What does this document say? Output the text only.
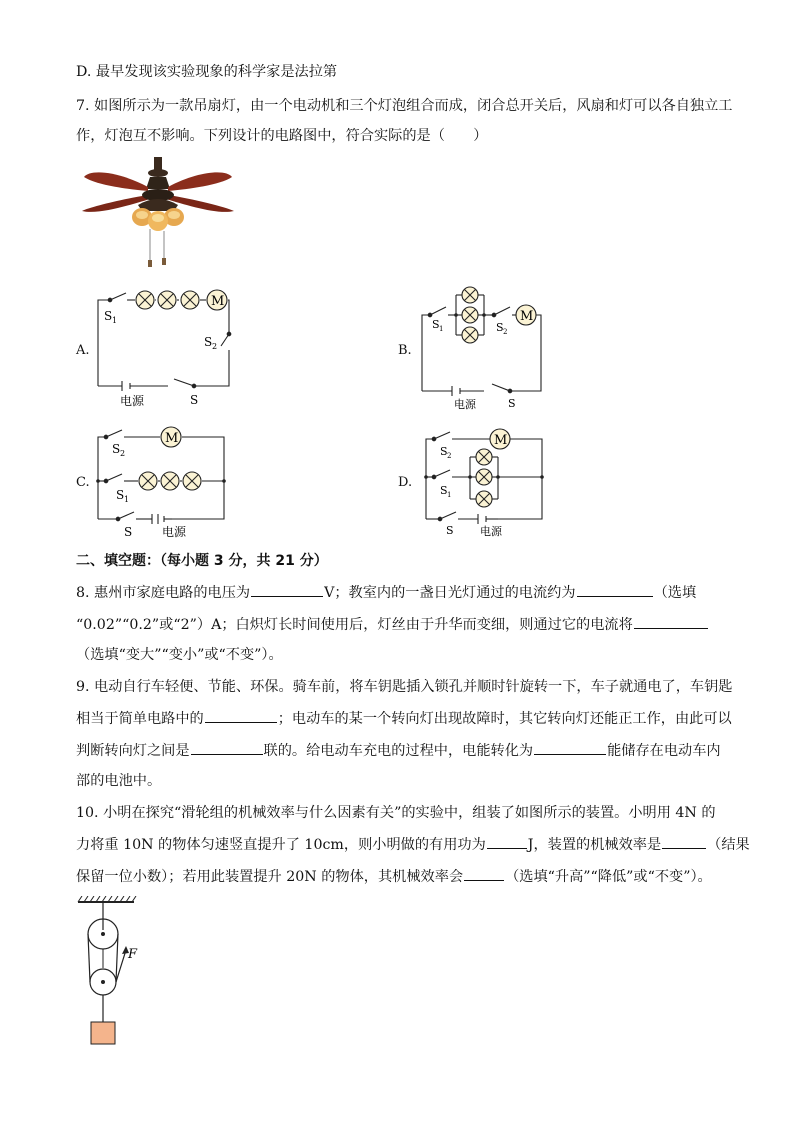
D. 最早发现该实验现象的科学家是法拉第
7. 如图所示为一款吊扇灯，由一个电动机和三个灯泡组合而成，闭合总开关后，风扇和灯可以各自独立工
作，灯泡互不影响。下列设计的电路图中，符合实际的是（　　）
A.
M
S 1
S 2
电源	S
B.
M
S 1	S 2
电源	S
C.
M
S 2
S 1
S 电源
D.
M
S 2
S 1
S 电源
二、填空题：（每小题 3 分，共 21 分）
8. 惠州市家庭电路的电压为	V；教室内的一盏日光灯通过的电流约为	（选填
“0.02”“0.2”或“2”）A；白炽灯长时间使用后，灯丝由于升华而变细，则通过它的电流将
（选填“变大”“变小”或“不变”）。
9. 电动自行车轻便、节能、环保。骑车前，将车钥匙插入锁孔并顺时针旋转一下，车子就通电了，车钥匙
相当于简单电路中的	；电动车的某一个转向灯出现故障时，其它转向灯还能正工作，由此可以
判断转向灯之间是	联的。给电动车充电的过程中，电能转化为	能储存在电动车内
部的电池中。
10. 小明在探究“滑轮组的机械效率与什么因素有关”的实验中，组装了如图所示的装置。小明用 4N 的
力将重 10N 的物体匀速竖直提升了 10cm，则小明做的有用功为	J，装置的机械效率是	（结果
保留一位小数）；若用此装置提升 20N 的物体，其机械效率会	（选填“升高”“降低”或“不变”）。
F
